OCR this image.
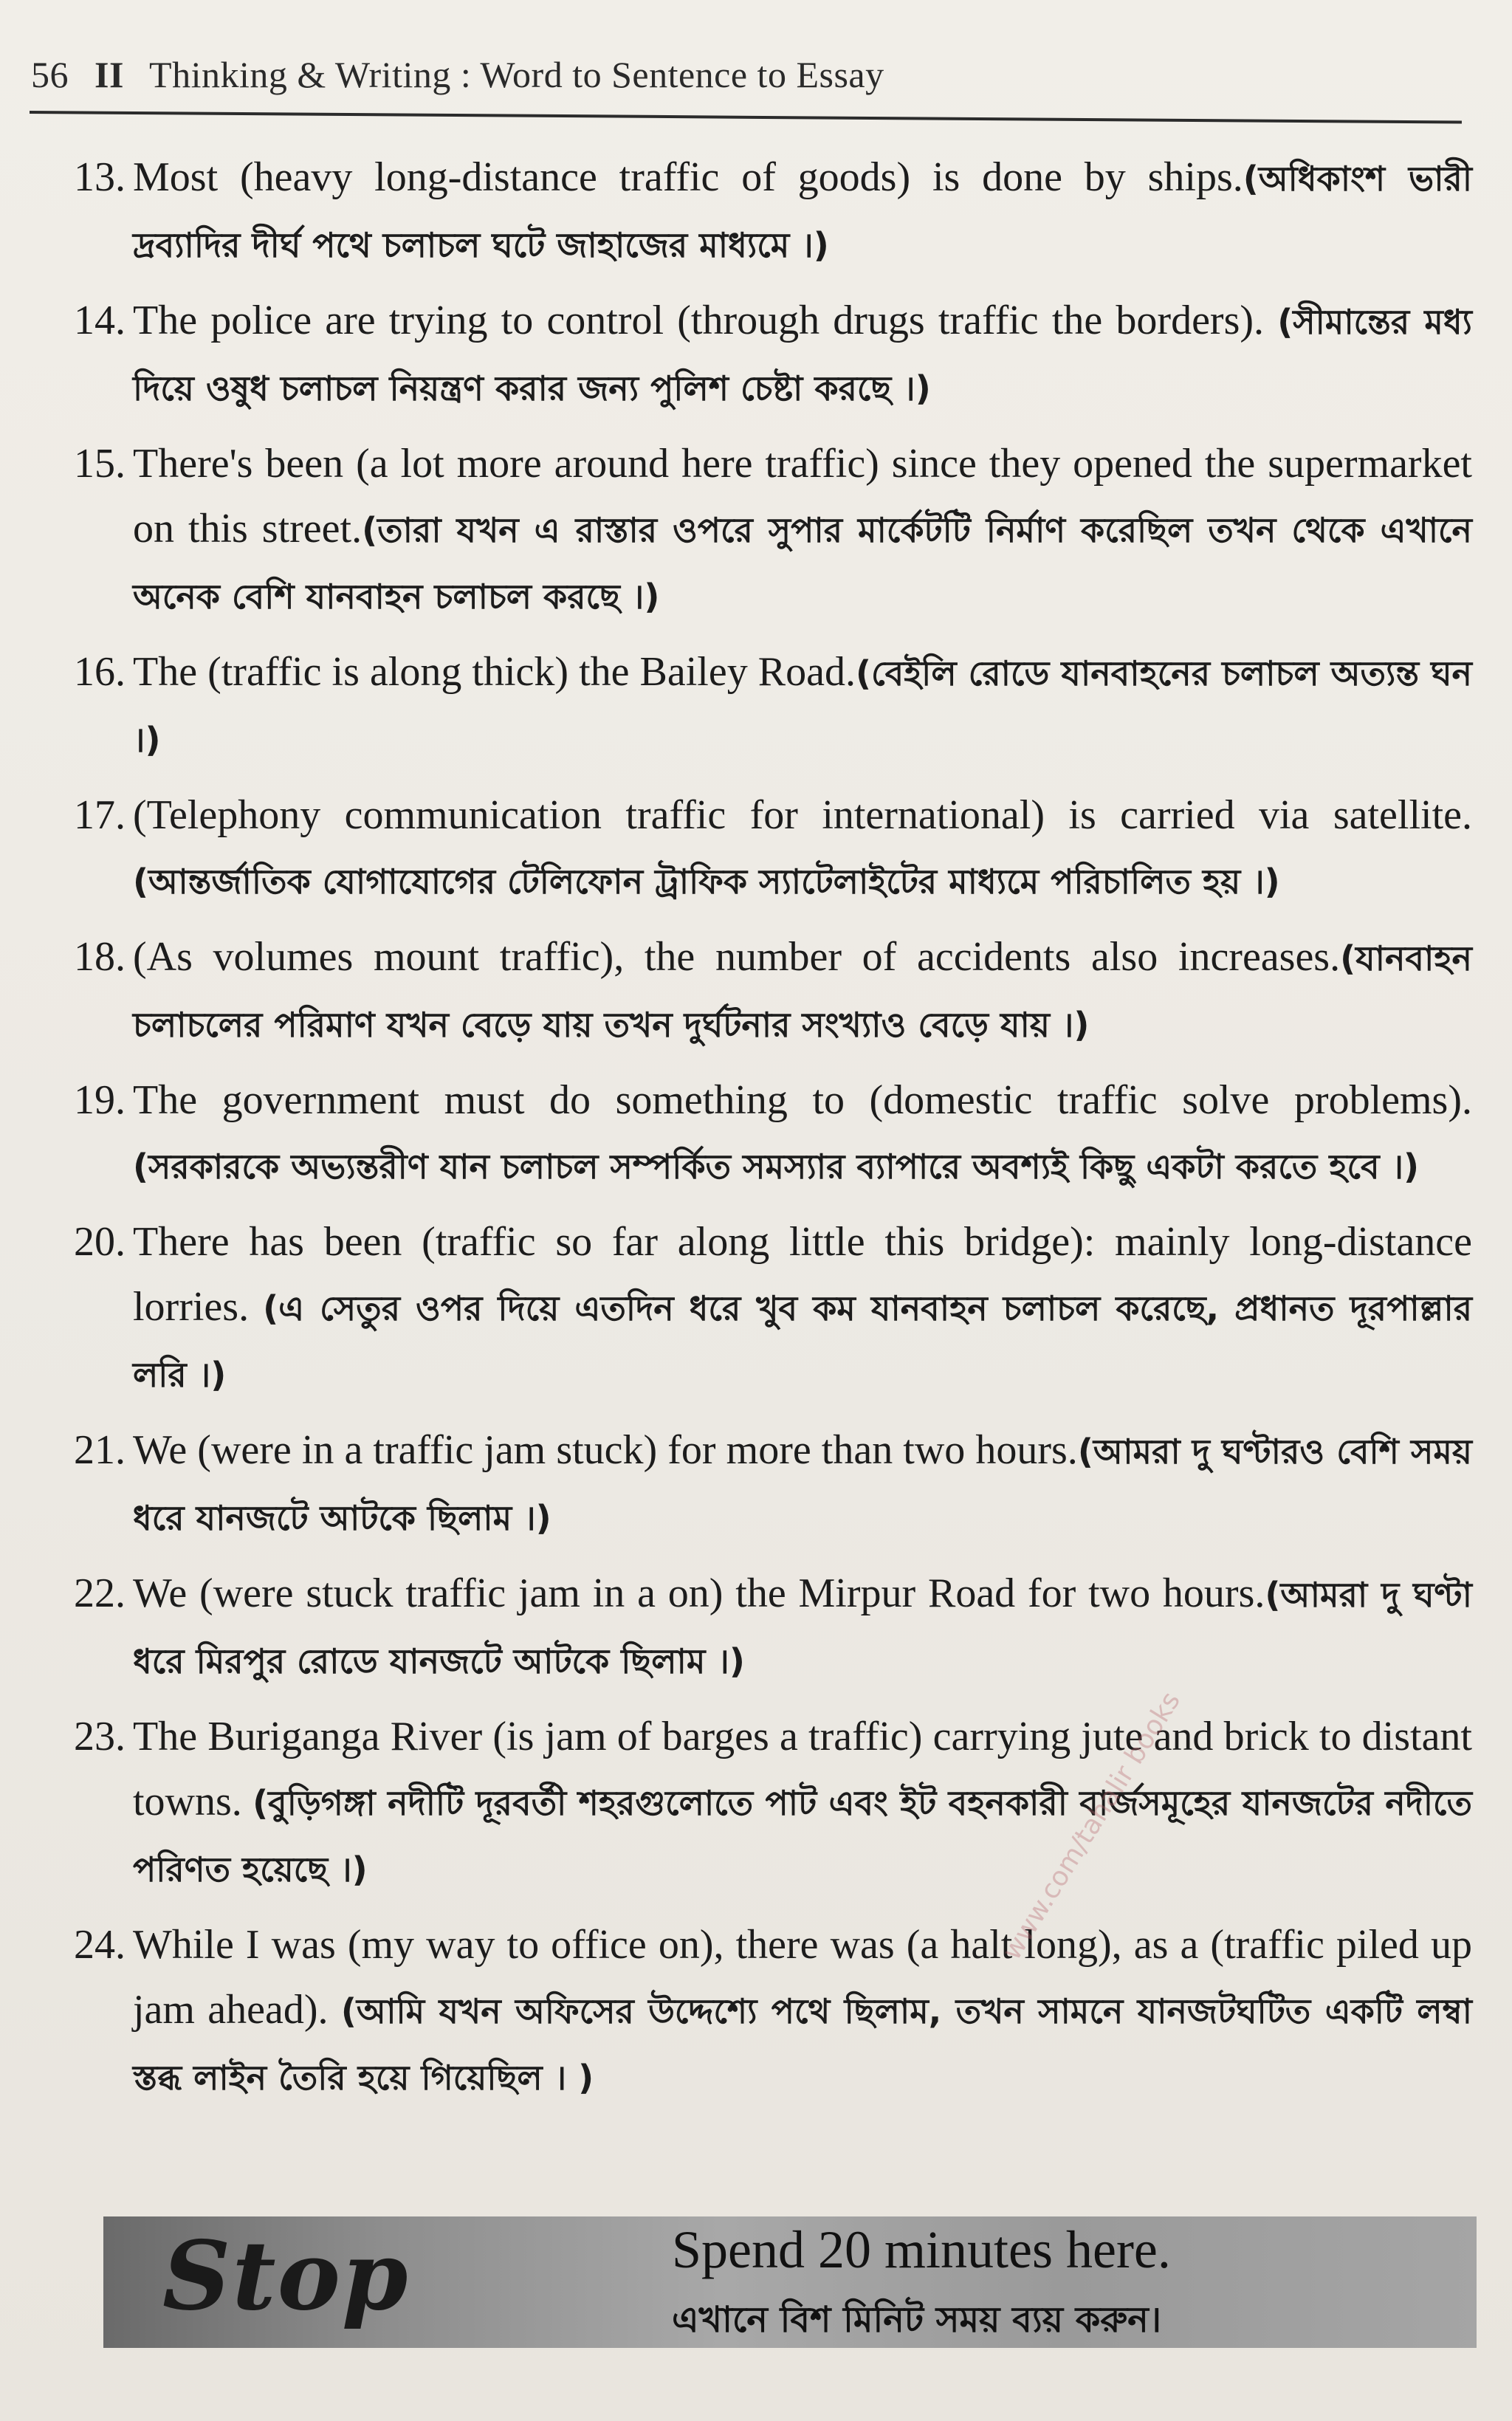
56 II Thinking & Writing : Word to Sentence to Essay
13. Most (heavy long-distance traffic of goods) is done by ships.(অধিকাংশ ভারী দ্রব্যাদির দীর্ঘ পথে চলাচল ঘটে জাহাজের মাধ্যমে ।)
14. The police are trying to control (through drugs traffic the borders). (সীমান্তের মধ্য দিয়ে ওষুধ চলাচল নিয়ন্ত্রণ করার জন্য পুলিশ চেষ্টা করছে ।)
15. There's been (a lot more around here traffic) since they opened the supermarket on this street.(তারা যখন এ রাস্তার ওপরে সুপার মার্কেটটি নির্মাণ করেছিল তখন থেকে এখানে অনেক বেশি যানবাহন চলাচল করছে ।)
16. The (traffic is along thick) the Bailey Road.(বেইলি রোডে যানবাহনের চলাচল অত্যন্ত ঘন ।)
17. (Telephony communication traffic for international) is carried via satellite.(আন্তর্জাতিক যোগাযোগের টেলিফোন ট্রাফিক স্যাটেলাইটের মাধ্যমে পরিচালিত হয় ।)
18. (As volumes mount traffic), the number of accidents also increases.(যানবাহন চলাচলের পরিমাণ যখন বেড়ে যায় তখন দুর্ঘটনার সংখ্যাও বেড়ে যায় ।)
19. The government must do something to (domestic traffic solve problems). (সরকারকে অভ্যন্তরীণ যান চলাচল সম্পর্কিত সমস্যার ব্যাপারে অবশ্যই কিছু একটা করতে হবে ।)
20. There has been (traffic so far along little this bridge): mainly long-distance lorries. (এ সেতুর ওপর দিয়ে এতদিন ধরে খুব কম যানবাহন চলাচল করেছে, প্রধানত দূরপাল্লার লরি ।)
21. We (were in a traffic jam stuck) for more than two hours.(আমরা দু ঘণ্টারও বেশি সময় ধরে যানজটে আটকে ছিলাম ।)
22. We (were stuck traffic jam in a on) the Mirpur Road for two hours.(আমরা দু ঘণ্টা ধরে মিরপুর রোডে যানজটে আটকে ছিলাম ।)
23. The Buriganga River (is jam of barges a traffic) carrying jute and brick to distant towns. (বুড়িগঙ্গা নদীটি দূরবর্তী শহরগুলোতে পাট এবং ইট বহনকারী বার্জসমূহের যানজটের নদীতে পরিণত হয়েছে ।)
24. While I was (my way to office on), there was (a halt long), as a (traffic piled up jam ahead). (আমি যখন অফিসের উদ্দেশ্যে পথে ছিলাম, তখন সামনে যানজটঘটিত একটি লম্বা স্তব্ধ লাইন তৈরি হয়ে গিয়েছিল । )
www.com/tahalir books
Stop	Spend 20 minutes here.
এখানে বিশ মিনিট সময় ব্যয় করুন।
